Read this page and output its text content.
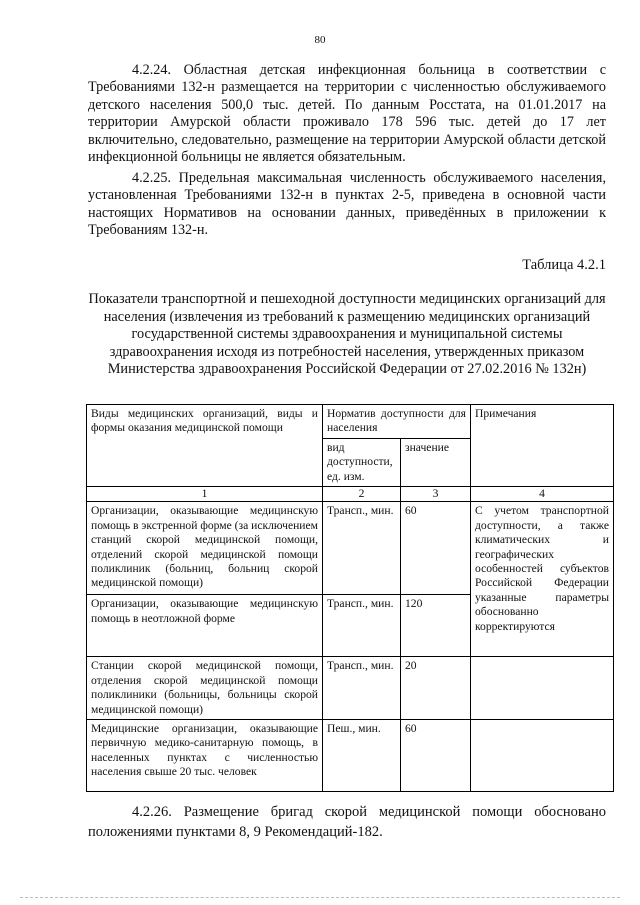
80

4.2.24. Областная детская инфекционная больница в соответствии с Требованиями 132-н размещается на территории с численностью обслуживаемого детского населения 500,0 тыс. детей. По данным Росстата, на 01.01.2017 на территории Амурской области проживало 178 596 тыс. детей до 17 лет включительно, следовательно, размещение на территории Амурской области детской инфекционной больницы не является обязательным.

4.2.25. Предельная максимальная численность обслуживаемого населения, установленная Требованиями 132-н в пунктах 2-5, приведена в основной части настоящих Нормативов на основании данных, приведённых в приложении к Требованиям 132-н.

Таблица 4.2.1
Показатели транспортной и пешеходной доступности медицинских организаций для населения (извлечения из требований к размещению медицинских организаций государственной системы здравоохранения и муниципальной системы здравоохранения исходя из потребностей населения, утвержденных приказом Министерства здравоохранения Российской Федерации от 27.02.2016 № 132н)
Виды медицинских организаций, виды и формы оказания медицинской помощи	Норматив доступности для населения		Примечания
	вид доступности, ед. изм.	значение	
1	2	3	4
Организации, оказывающие медицинскую помощь в экстренной форме (за исключением станций скорой медицинской помощи, отделений скорой медицинской помощи поликлиник (больниц, больниц скорой медицинской помощи)	Трансп., мин.	60	С учетом транспортной доступности, а также климатических и географических особенностей субъектов Российской Федерации указанные параметры обоснованно корректируются
Организации, оказывающие медицинскую помощь в неотложной форме	Трансп., мин.	120	
Станции скорой медицинской помощи, отделения скорой медицинской помощи поликлиники (больницы, больницы скорой медицинской помощи)	Трансп., мин.	20	
Медицинские организации, оказывающие первичную медико-санитарную помощь, в населенных пунктах с численностью населения свыше 20 тыс. человек	Пеш., мин.	60	

4.2.26. Размещение бригад скорой медицинской помощи обосновано положениями пунктами 8, 9 Рекомендаций-182.
